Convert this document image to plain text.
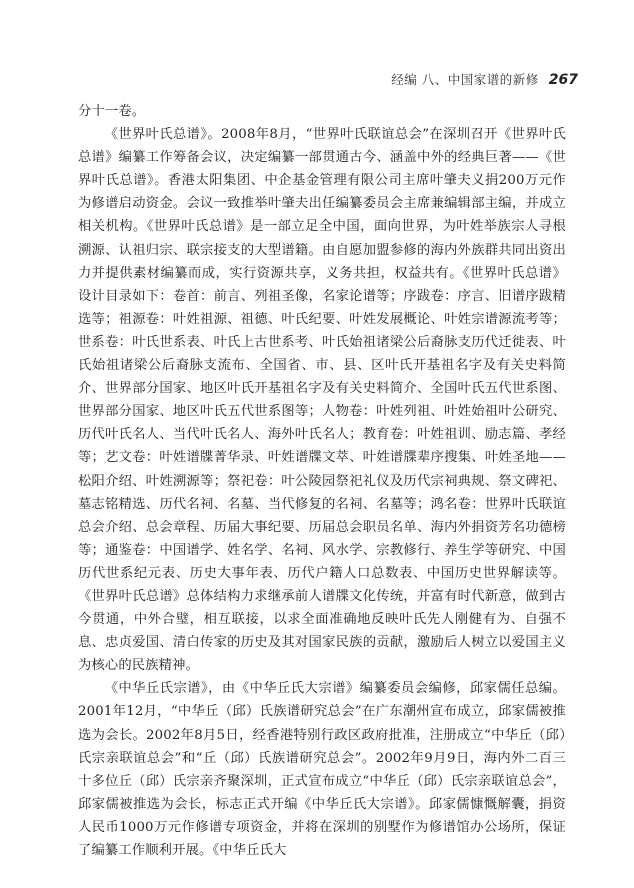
经编 八、中国家谱的新修 267

分十一卷。

《世界叶氏总谱》。2008年8月，“世界叶氏联谊总会”在深圳召开《世界叶氏总谱》编纂工作筹备会议，决定编纂一部贯通古今、涵盖中外的经典巨著——《世界叶氏总谱》。香港太阳集团、中企基金管理有限公司主席叶肇夫义捐200万元作为修谱启动资金。会议一致推举叶肇夫出任编纂委员会主席兼编辑部主编，并成立相关机构。《世界叶氏总谱》是一部立足全中国，面向世界，为叶姓举族宗人寻根溯源、认祖归宗、联宗接支的大型谱籍。由自愿加盟参修的海内外族群共同出资出力并提供素材编纂而成，实行资源共享，义务共担，权益共有。《世界叶氏总谱》设计目录如下：卷首：前言、列祖圣像，名家论谱等；序跋卷：序言、旧谱序跋精选等；祖源卷：叶姓祖源、祖德、叶氏纪要、叶姓发展概论、叶姓宗谱源流考等；世系卷：叶氏世系表、叶氏上古世系考、叶氏始祖诸梁公后裔脉支历代迁徙表、叶氏始祖诸梁公后裔脉支流布、全国省、市、县、区叶氏开基祖名字及有关史料简介、世界部分国家、地区叶氏开基祖名字及有关史料简介、全国叶氏五代世系图、世界部分国家、地区叶氏五代世系图等；人物卷：叶姓列祖、叶姓始祖叶公研究、历代叶氏名人、当代叶氏名人、海外叶氏名人；教育卷：叶姓祖训、励志篇、孝经等；艺文卷：叶姓谱牒菁华录、叶姓谱牒文萃、叶姓谱牒辈序搜集、叶姓圣地——松阳介绍、叶姓溯源等；祭祀卷：叶公陵园祭祀礼仪及历代宗祠典规、祭文碑祀、墓志铭精选、历代名祠、名墓、当代修复的名祠、名墓等；鸿名卷：世界叶氏联谊总会介绍、总会章程、历届大事纪要、历届总会职员名单、海内外捐资芳名功德榜等；通鉴卷：中国谱学、姓名学、名祠、风水学、宗教修行、养生学等研究、中国历代世系纪元表、历史大事年表、历代户籍人口总数表、中国历史世界解读等。《世界叶氏总谱》总体结构力求继承前人谱牒文化传统，并富有时代新意，做到古今贯通，中外合璧，相互联接，以求全面准确地反映叶氏先人刚健有为、自强不息、忠贞爱国、清白传家的历史及其对国家民族的贡献，激励后人树立以爱国主义为核心的民族精神。

《中华丘氏宗谱》，由《中华丘氏大宗谱》编纂委员会编修，邱家儒任总编。2001年12月，“中华丘（邱）氏族谱研究总会”在广东潮州宣布成立，邱家儒被推选为会长。2002年8月5日，经香港特别行政区政府批准，注册成立“中华丘（邱）氏宗亲联谊总会”和“丘（邱）氏族谱研究总会”。2002年9月9日，海内外二百三十多位丘（邱）氏宗亲齐聚深圳，正式宣布成立“中华丘（邱）氏宗亲联谊总会”，邱家儒被推选为会长，标志正式开编《中华丘氏大宗谱》。邱家儒慷慨解囊，捐资人民币1000万元作修谱专项资金，并将在深圳的别墅作为修谱馆办公场所，保证了编纂工作顺利开展。《中华丘氏大
